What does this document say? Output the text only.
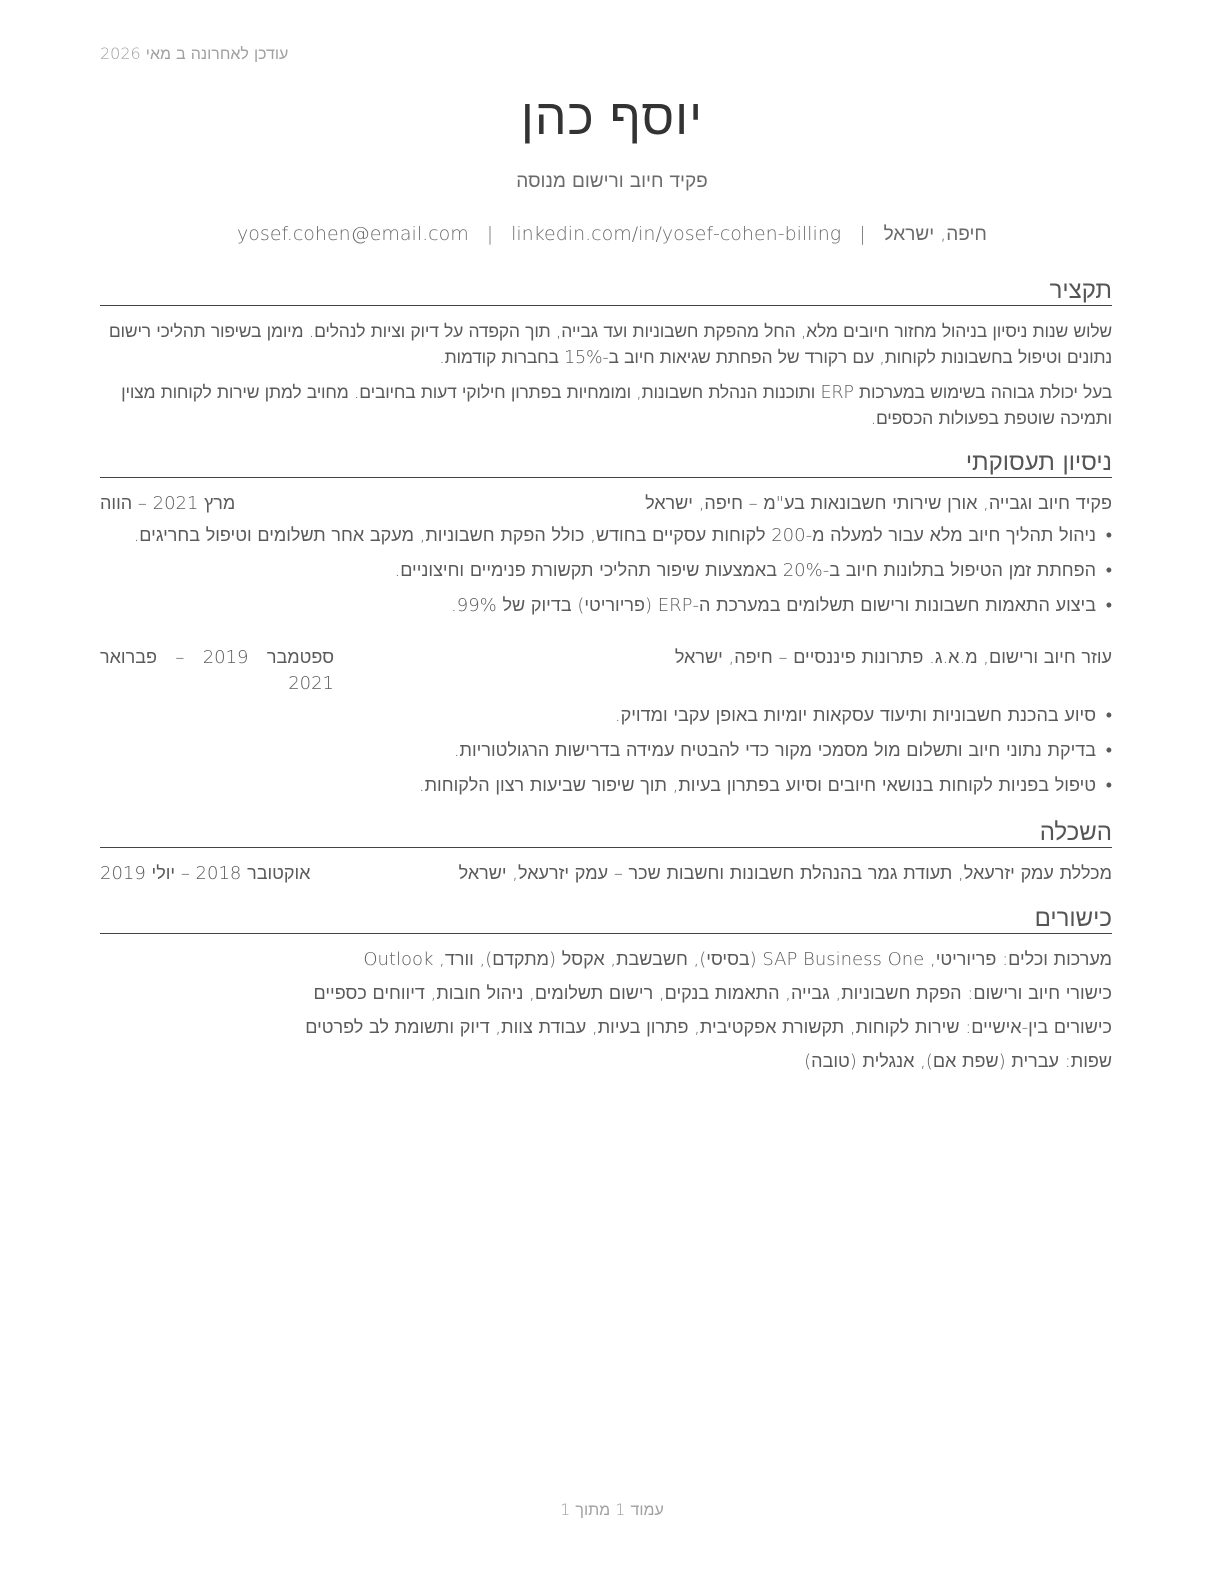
עודכן לאחרונה ב מאי 2026
יוסף כהן
פקיד חיוב ורישום מנוסה
חיפה, ישראל|yosef.cohen@email.com | linkedin.com/in/yosef-cohen-billing
תקציר
שלוש שנות ניסיון בניהול מחזור חיובים מלא, החל מהפקת חשבוניות ועד גבייה, תוך הקפדה על דיוק וציות לנהלים. מיומן בשיפור תהליכי רישום נתונים וטיפול בחשבונות לקוחות, עם רקורד של הפחתת שגיאות חיוב ב-15% בחברות קודמות.
בעל יכולת גבוהה בשימוש במערכות ERP ותוכנות הנהלת חשבונות, ומומחיות בפתרון חילוקי דעות בחיובים. מחויב למתן שירות לקוחות מצוין ותמיכה שוטפת בפעולות הכספים.
ניסיון תעסוקתי
פקיד חיוב וגבייה, אורן שירותי חשבונאות בע"מ – חיפה, ישראל
מרץ 2021 – הווה
• ניהול תהליך חיוב מלא עבור למעלה מ-200 לקוחות עסקיים בחודש, כולל הפקת חשבוניות, מעקב אחר תשלומים וטיפול בחריגים.
• הפחתת זמן הטיפול בתלונות חיוב ב-20% באמצעות שיפור תהליכי תקשורת פנימיים וחיצוניים.
• ביצוע התאמות חשבונות ורישום תשלומים במערכת ה-ERP (פריוריטי) בדיוק של 99%.
עוזר חיוב ורישום, מ.א.ג. פתרונות פיננסיים – חיפה, ישראל
ספטמבר 2019 – פברואר 2021
• סיוע בהכנת חשבוניות ותיעוד עסקאות יומיות באופן עקבי ומדויק.
• בדיקת נתוני חיוב ותשלום מול מסמכי מקור כדי להבטיח עמידה בדרישות הרגולטוריות.
• טיפול בפניות לקוחות בנושאי חיובים וסיוע בפתרון בעיות, תוך שיפור שביעות רצון הלקוחות.
השכלה
מכללת עמק יזרעאל, תעודת גמר בהנהלת חשבונות וחשבות שכר – עמק יזרעאל, ישראל
אוקטובר 2018 – יולי 2019
כישורים
מערכות וכלים: פריוריטי, SAP Business One (בסיסי), חשבשבת, אקסל (מתקדם), וורד, Outlook
כישורי חיוב ורישום: הפקת חשבוניות, גבייה, התאמות בנקים, רישום תשלומים, ניהול חובות, דיווחים כספיים
כישורים בין-אישיים: שירות לקוחות, תקשורת אפקטיבית, פתרון בעיות, עבודת צוות, דיוק ותשומת לב לפרטים
שפות: עברית (שפת אם), אנגלית (טובה)
עמוד 1 מתוך 1
